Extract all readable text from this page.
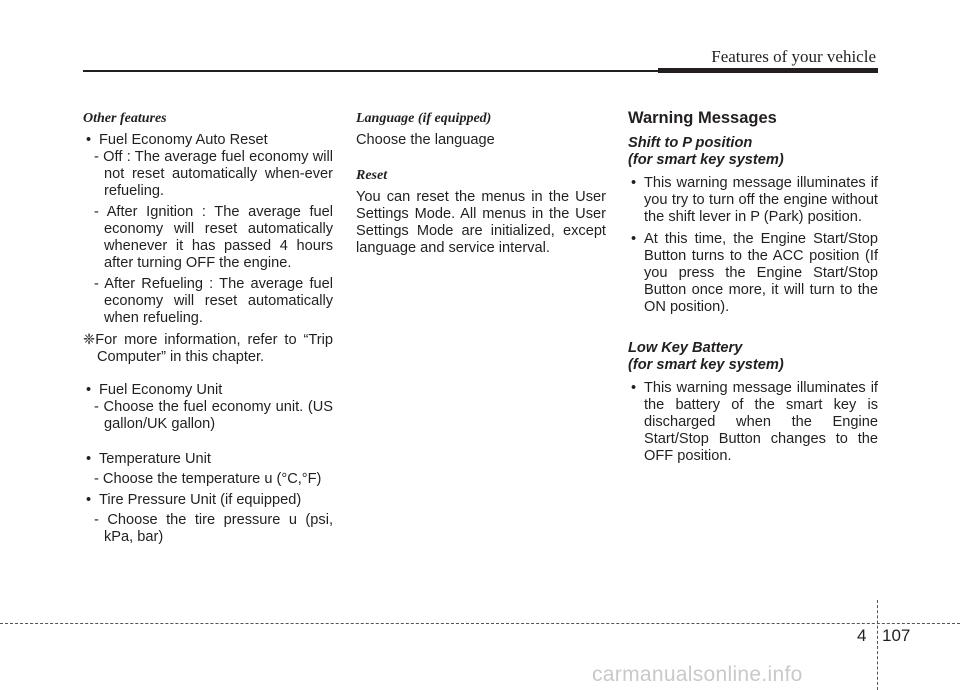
Features of your vehicle
Other features
• Fuel Economy Auto Reset
- Off : The average fuel economy will not reset automatically when-ever refueling.
- After Ignition : The average fuel economy will reset automatically whenever it has passed 4 hours after turning OFF the engine.
- After Refueling : The average fuel economy will reset automatically when refueling.
❈For more information, refer to “Trip Computer” in this chapter.
• Fuel Economy Unit
- Choose the fuel economy unit. (US gallon/UK gallon)
• Temperature Unit
- Choose the temperature u (°C,°F)
• Tire Pressure Unit (if equipped)
- Choose the tire pressure u (psi, kPa, bar)
Language (if equipped)
Choose the language
Reset
You can reset the menus in the User Settings Mode. All menus in the User Settings Mode are initialized, except language and service interval.
Warning Messages
Shift to P position
(for smart key system)
• This warning message illuminates if you try to turn off the engine without the shift lever in P (Park) position.
• At this time, the Engine Start/Stop Button turns to the ACC position (If you press the Engine Start/Stop Button once more, it will turn to the ON position).
Low Key Battery
(for smart key system)
• This warning message illuminates if the battery of the smart key is discharged when the Engine Start/Stop Button changes to the OFF position.
4 107
carmanualsonline.info
